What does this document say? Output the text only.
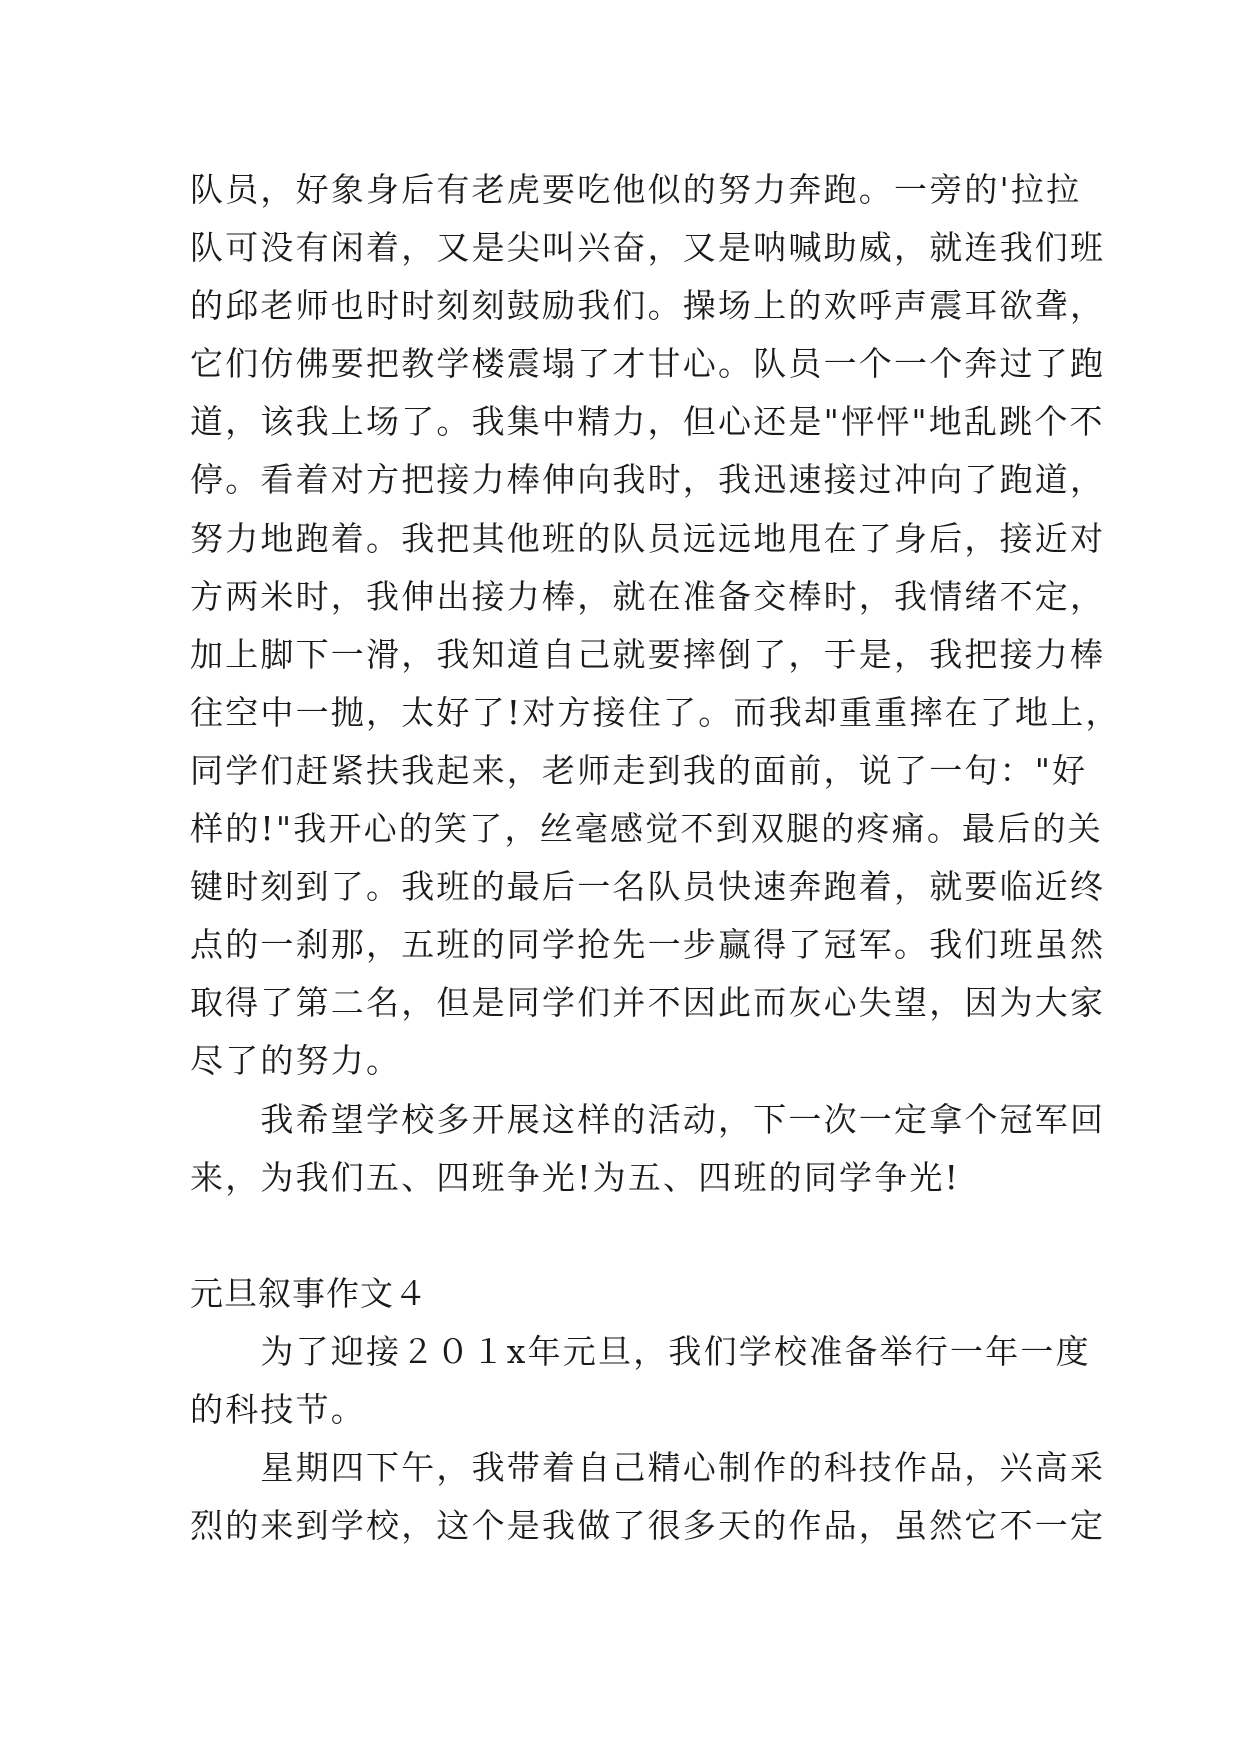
队员，好象身后有老虎要吃他似的努力奔跑。一旁的'拉拉
队可没有闲着，又是尖叫兴奋，又是呐喊助威，就连我们班
的邱老师也时时刻刻鼓励我们。操场上的欢呼声震耳欲聋，
它们仿佛要把教学楼震塌了才甘心。队员一个一个奔过了跑
道，该我上场了。我集中精力，但心还是"怦怦"地乱跳个不
停。看着对方把接力棒伸向我时，我迅速接过冲向了跑道，
努力地跑着。我把其他班的队员远远地甩在了身后，接近对
方两米时，我伸出接力棒，就在准备交棒时，我情绪不定，
加上脚下一滑，我知道自己就要摔倒了，于是，我把接力棒
往空中一抛，太好了!对方接住了。而我却重重摔在了地上，
同学们赶紧扶我起来，老师走到我的面前，说了一句："好
样的!"我开心的笑了，丝毫感觉不到双腿的疼痛。最后的关
键时刻到了。我班的最后一名队员快速奔跑着，就要临近终
点的一刹那，五班的同学抢先一步赢得了冠军。我们班虽然
取得了第二名，但是同学们并不因此而灰心失望，因为大家
尽了的努力。
　　我希望学校多开展这样的活动，下一次一定拿个冠军回
来，为我们五、四班争光!为五、四班的同学争光!
元旦叙事作文４
　　为了迎接２０１x年元旦，我们学校准备举行一年一度
的科技节。
　　星期四下午，我带着自己精心制作的科技作品，兴高采
烈的来到学校，这个是我做了很多天的作品，虽然它不一定
